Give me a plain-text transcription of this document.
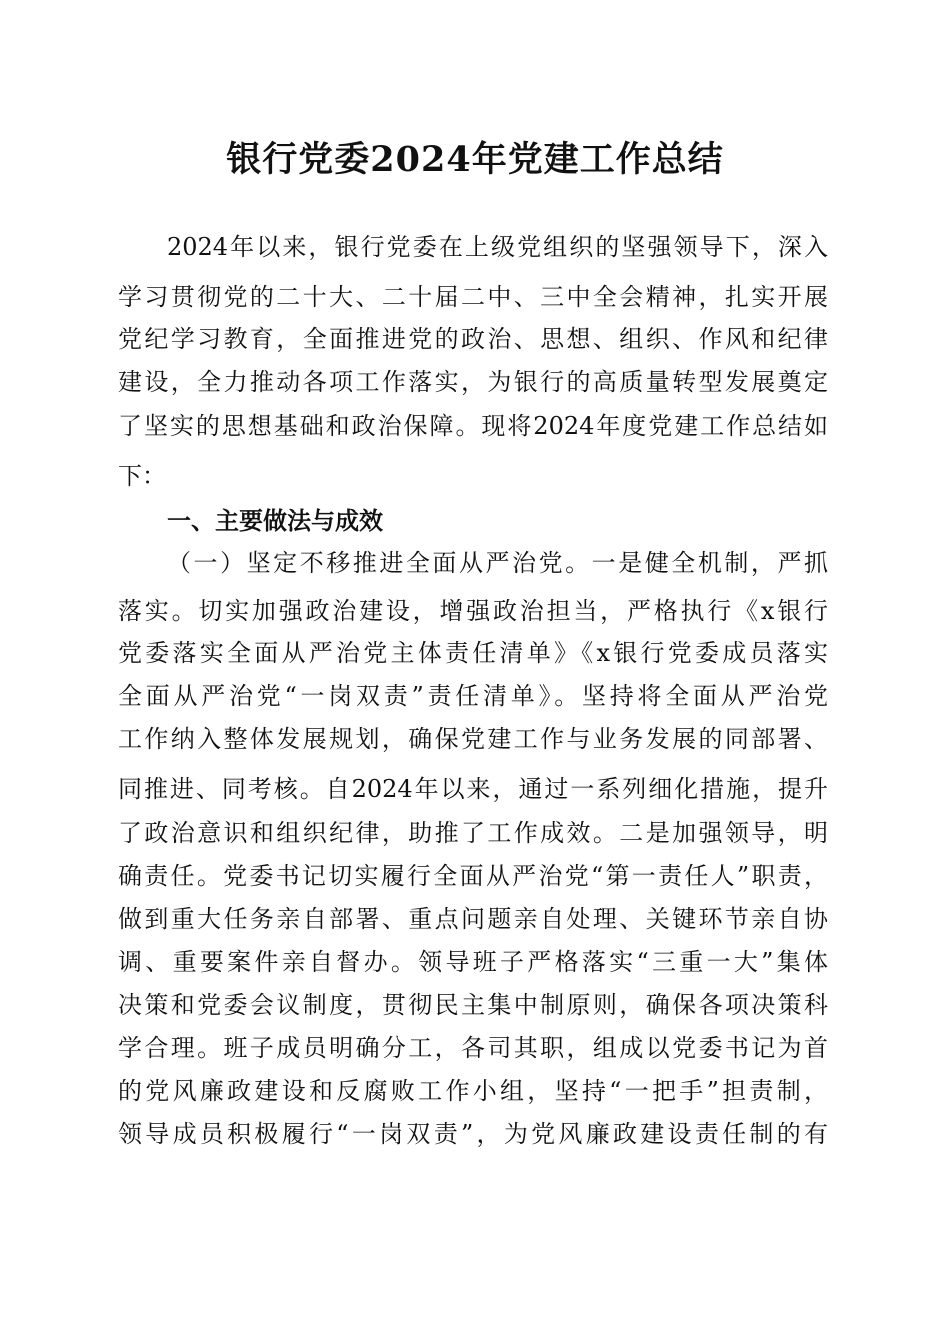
银行党委2024年党建工作总结
2024年以来，银行党委在上级党组织的坚强领导下，深入
学习贯彻党的二十大、二十届二中、三中全会精神，扎实开展
党纪学习教育，全面推进党的政治、思想、组织、作风和纪律
建设，全力推动各项工作落实，为银行的高质量转型发展奠定
了坚实的思想基础和政治保障。现将2024年度党建工作总结如
下：
一、主要做法与成效
（一）坚定不移推进全面从严治党。一是健全机制，严抓
落实。切实加强政治建设，增强政治担当，严格执行《x银行
党委落实全面从严治党主体责任清单》《x银行党委成员落实
全面从严治党“一岗双责”责任清单》。坚持将全面从严治党
工作纳入整体发展规划，确保党建工作与业务发展的同部署、
同推进、同考核。自2024年以来，通过一系列细化措施，提升
了政治意识和组织纪律，助推了工作成效。二是加强领导，明
确责任。党委书记切实履行全面从严治党“第一责任人”职责，
做到重大任务亲自部署、重点问题亲自处理、关键环节亲自协
调、重要案件亲自督办。领导班子严格落实“三重一大”集体
决策和党委会议制度，贯彻民主集中制原则，确保各项决策科
学合理。班子成员明确分工，各司其职，组成以党委书记为首
的党风廉政建设和反腐败工作小组，坚持“一把手”担责制，
领导成员积极履行“一岗双责”，为党风廉政建设责任制的有
